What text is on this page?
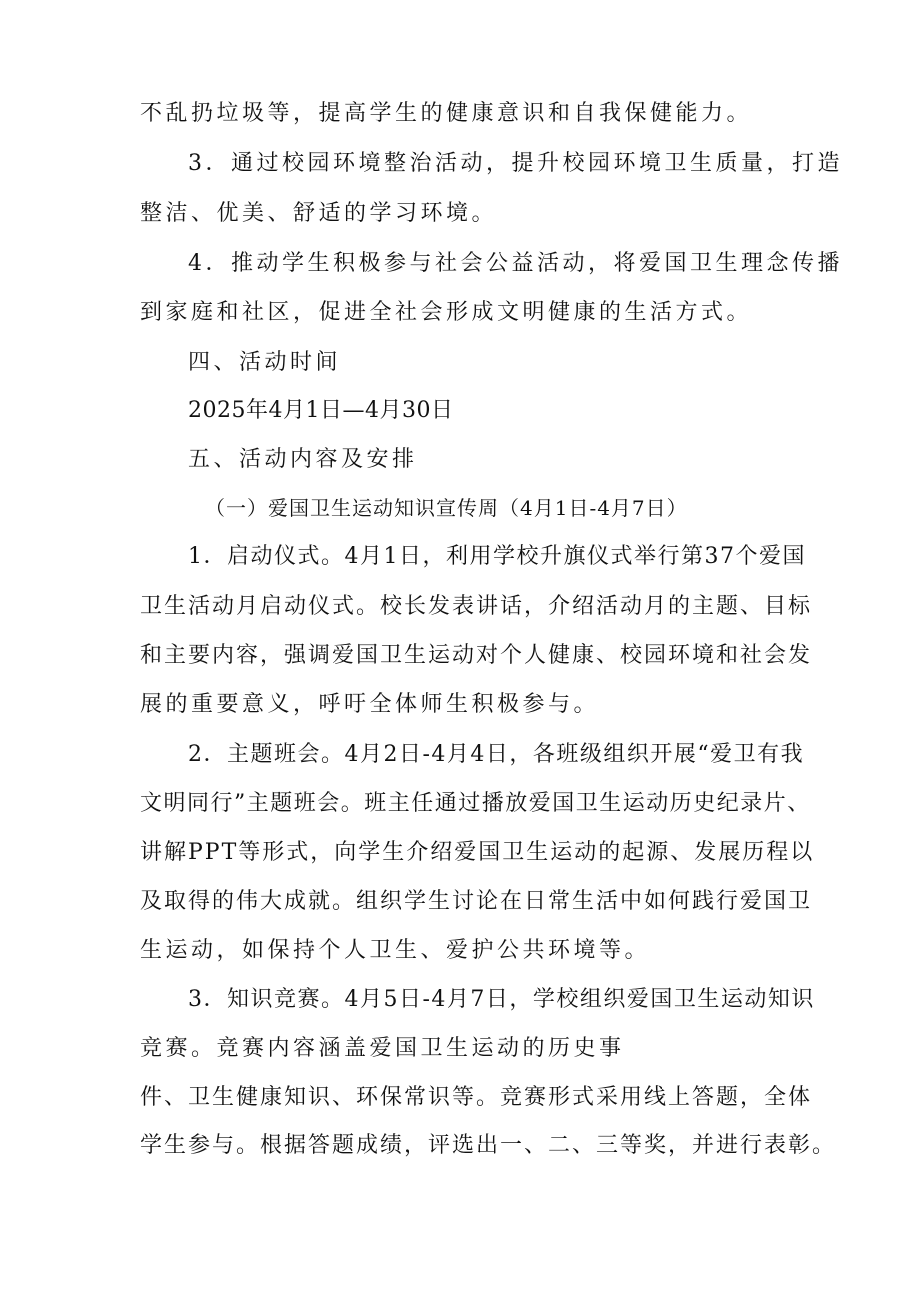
不乱扔垃圾等，提高学生的健康意识和自我保健能力。
3．通过校园环境整治活动，提升校园环境卫生质量，打造
整洁、优美、舒适的学习环境。
4．推动学生积极参与社会公益活动，将爱国卫生理念传播
到家庭和社区，促进全社会形成文明健康的生活方式。
四、活动时间
2025年4月1日—4月30日
五、活动内容及安排
（一）爱国卫生运动知识宣传周（4月1日-4月7日）
1．启动仪式。4月1日，利用学校升旗仪式举行第37个爱国
卫生活动月启动仪式。校长发表讲话，介绍活动月的主题、目标
和主要内容，强调爱国卫生运动对个人健康、校园环境和社会发
展的重要意义，呼吁全体师生积极参与。
2．主题班会。4月2日-4月4日，各班级组织开展“爱卫有我
文明同行”主题班会。班主任通过播放爱国卫生运动历史纪录片、
讲解PPT等形式，向学生介绍爱国卫生运动的起源、发展历程以
及取得的伟大成就。组织学生讨论在日常生活中如何践行爱国卫
生运动，如保持个人卫生、爱护公共环境等。
3．知识竞赛。4月5日-4月7日，学校组织爱国卫生运动知识
竞赛。竞赛内容涵盖爱国卫生运动的历史事
件、卫生健康知识、环保常识等。竞赛形式采用线上答题，全体
学生参与。根据答题成绩，评选出一、二、三等奖，并进行表彰。
